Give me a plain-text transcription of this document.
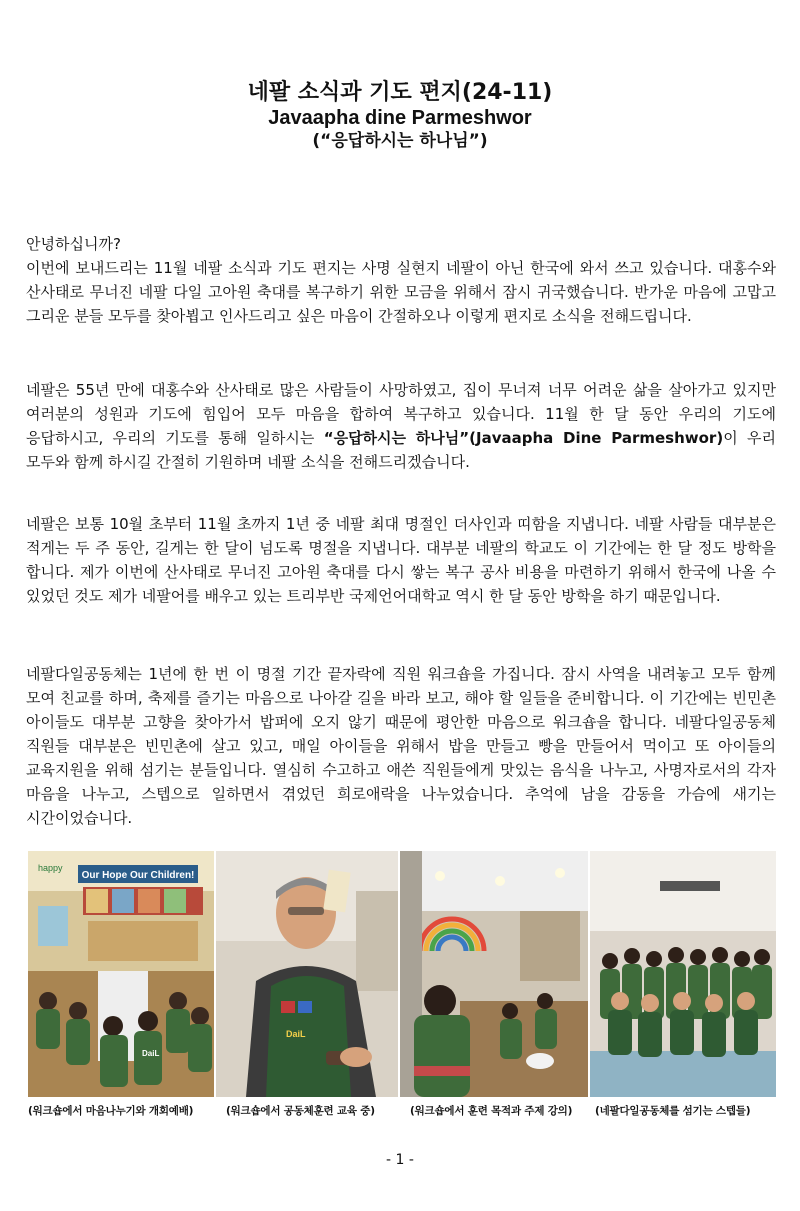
네팔 소식과 기도 편지(24-11)
Javaapha dine Parmeshwor
(“응답하시는 하나님”)
안녕하십니까?
이번에 보내드리는 11월 네팔 소식과 기도 편지는 사명 실현지 네팔이 아닌 한국에 와서 쓰고 있습니다. 대홍수와 산사태로 무너진 네팔 다일 고아원 축대를 복구하기 위한 모금을 위해서 잠시 귀국했습니다. 반가운 마음에 고맙고 그리운 분들 모두를 찾아뵙고 인사드리고 싶은 마음이 간절하오나 이렇게 편지로 소식을 전해드립니다.
네팔은 55년 만에 대홍수와 산사태로 많은 사람들이 사망하였고, 집이 무너져 너무 어려운 삶을 살아가고 있지만 여러분의 성원과 기도에 힘입어 모두 마음을 합하여 복구하고 있습니다. 11월 한 달 동안 우리의 기도에 응답하시고, 우리의 기도를 통해 일하시는 “응답하시는 하나님”(Javaapha Dine Parmeshwor)이 우리 모두와 함께 하시길 간절히 기원하며 네팔 소식을 전해드리겠습니다.
네팔은 보통 10월 초부터 11월 초까지 1년 중 네팔 최대 명절인 더사인과 띠함을 지냅니다. 네팔 사람들 대부분은 적게는 두 주 동안, 길게는 한 달이 넘도록 명절을 지냅니다. 대부분 네팔의 학교도 이 기간에는 한 달 정도 방학을 합니다. 제가 이번에 산사태로 무너진 고아원 축대를 다시 쌓는 복구 공사 비용을 마련하기 위해서 한국에 나올 수 있었던 것도 제가 네팔어를 배우고 있는 트리부반 국제언어대학교 역시 한 달 동안 방학을 하기 때문입니다.
네팔다일공동체는 1년에 한 번 이 명절 기간 끝자락에 직원 워크숍을 가집니다. 잠시 사역을 내려놓고 모두 함께 모여 친교를 하며, 축제를 즐기는 마음으로 나아갈 길을 바라 보고, 해야 할 일들을 준비합니다. 이 기간에는 빈민촌 아이들도 대부분 고향을 찾아가서 밥퍼에 오지 않기 때문에 평안한 마음으로 워크숍을 합니다. 네팔다일공동체 직원들 대부분은 빈민촌에 살고 있고, 매일 아이들을 위해서 밥을 만들고 빵을 만들어서 먹이고 또 아이들의 교육지원을 위해 섬기는 분들입니다. 열심히 수고하고 애쓴 직원들에게 맛있는 음식을 나누고, 사명자로서의 각자 마음을 나누고, 스텝으로 일하면서 겪었던 희로애락을 나누었습니다. 추억에 남을 감동을 가슴에 새기는 시간이었습니다.
Our Hope Our Children!
happy
DaiL
DaiL
(워크숍에서 마음나누기와 개회예배)	(워크숍에서 공동체훈련 교육 중)	(워크숍에서 훈련 목적과 주제 강의)	(네팔다일공동체를 섬기는 스텝들)
- 1 -
